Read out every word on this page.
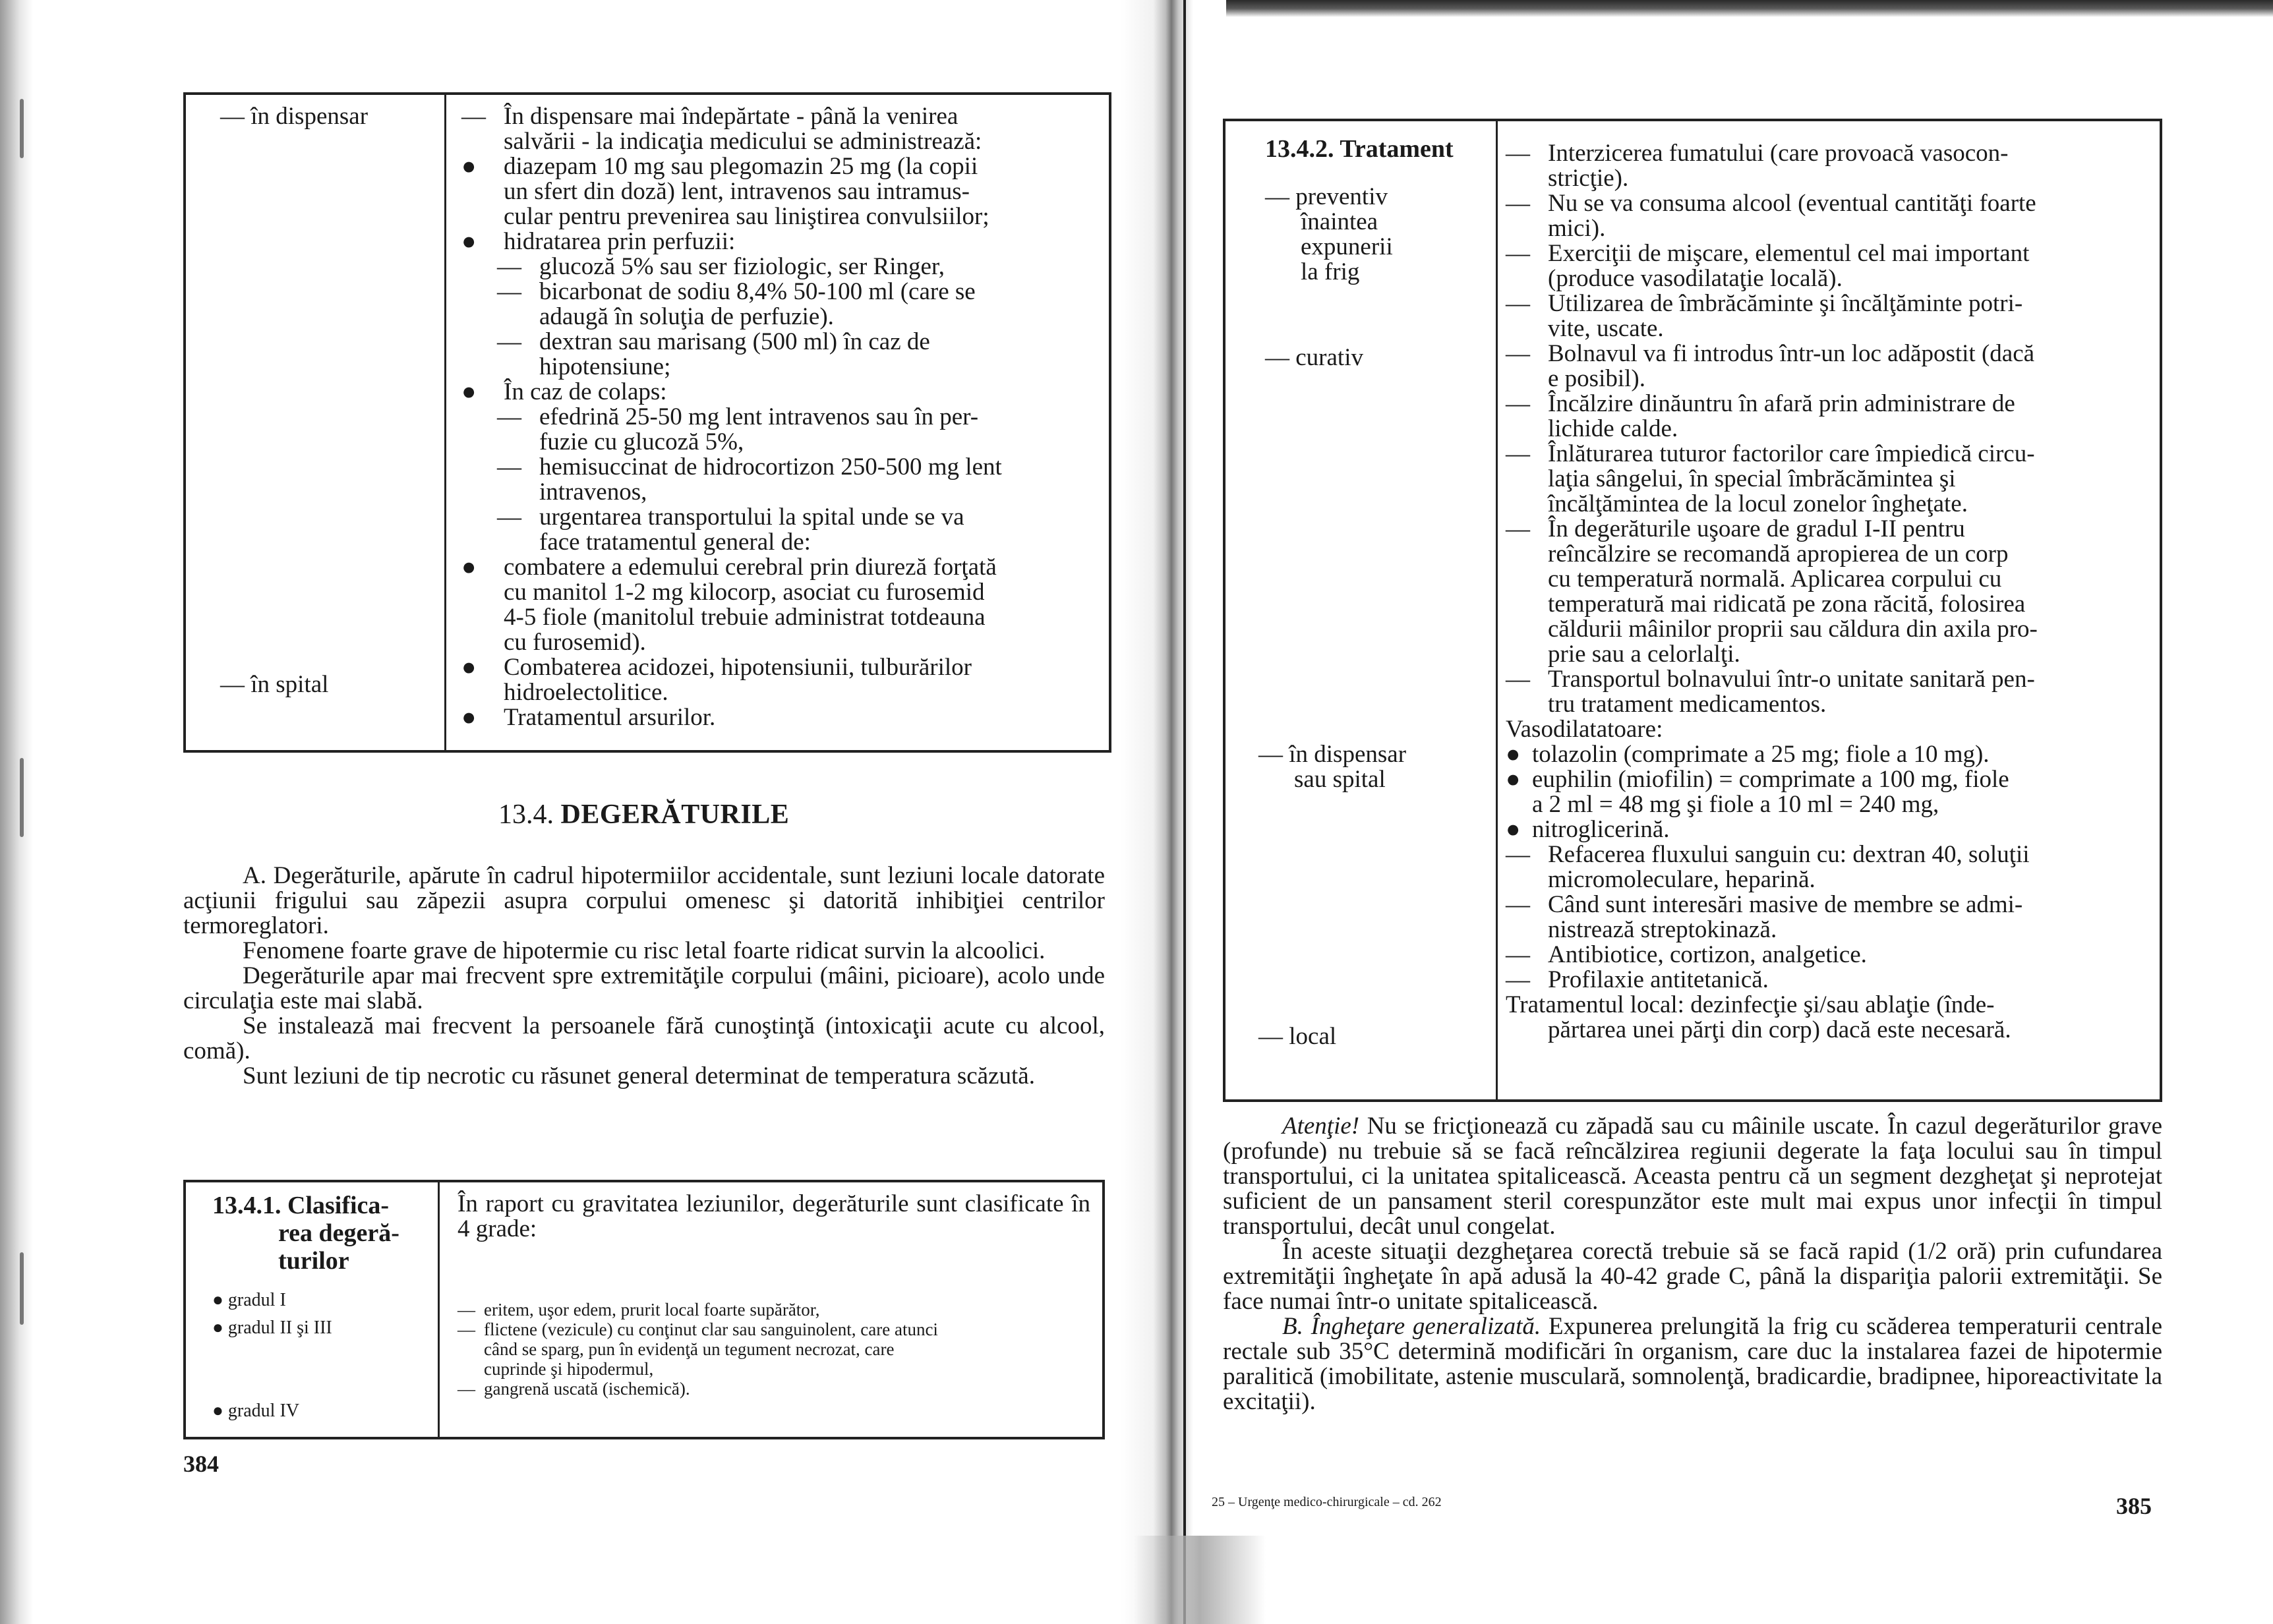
— în dispensar
— în spital
— În dispensare mai îndepărtate - până la venirea
salvării - la indicaţia medicului se administrează:
● diazepam 10 mg sau plegomazin 25 mg (la copii
un sfert din doză) lent, intravenos sau intramus-
cular pentru prevenirea sau liniştirea convulsiilor;
● hidratarea prin perfuzii:
— glucoză 5% sau ser fiziologic, ser Ringer,
— bicarbonat de sodiu 8,4% 50-100 ml (care se
adaugă în soluţia de perfuzie).
— dextran sau marisang (500 ml) în caz de
hipotensiune;
● În caz de colaps:
— efedrină 25-50 mg lent intravenos sau în per-
fuzie cu glucoză 5%,
— hemisuccinat de hidrocortizon 250-500 mg lent
intravenos,
— urgentarea transportului la spital unde se va
face tratamentul general de:
● combatere a edemului cerebral prin diureză forţată
cu manitol 1-2 mg kilocorp, asociat cu furosemid
4-5 fiole (manitolul trebuie administrat totdeauna
cu furosemid).
● Combaterea acidozei, hipotensiunii, tulburărilor
hidroelectolitice.
● Tratamentul arsurilor.
13.4. DEGERĂTURILE

A. Degerăturile, apărute în cadrul hipotermiilor accidentale, sunt leziuni locale datorate acţiunii frigului sau zăpezii asupra corpului omenesc şi datorită inhibiţiei centrilor termoreglatori.

Fenomene foarte grave de hipotermie cu risc letal foarte ridicat survin la alcoolici.

Degerăturile apar mai frecvent spre extremităţile corpului (mâini, picioare), acolo unde circulaţia este mai slabă.

Se instalează mai frecvent la persoanele fără cunoştinţă (intoxicaţii acute cu alcool, comă).

Sunt leziuni de tip necrotic cu răsunet general determinat de temperatura scăzută.

13.4.1. Clasifica-
rea degeră-
turilor
● gradul I
● gradul II şi III
● gradul IV
În raport cu gravitatea leziunilor, degerăturile sunt clasificate în 4 grade:
— eritem, uşor edem, prurit local foarte supărător,
— flictene (vezicule) cu conţinut clar sau sanguinolent, care atunci
când se sparg, pun în evidenţă un tegument necrozat, care
cuprinde şi hipodermul,
— gangrenă uscată (ischemică).
384
13.4.2. Tratament
— preventiv
înaintea
expunerii
la frig
— curativ
— în dispensar
sau spital
— local
— Interzicerea fumatului (care provoacă vasocon-
stricţie).
— Nu se va consuma alcool (eventual cantităţi foarte
mici).
— Exerciţii de mişcare, elementul cel mai important
(produce vasodilataţie locală).
— Utilizarea de îmbrăcăminte şi încălţăminte potri-
vite, uscate.
— Bolnavul va fi introdus într-un loc adăpostit (dacă
e posibil).
— Încălzire dinăuntru în afară prin administrare de
lichide calde.
— Înlăturarea tuturor factorilor care împiedică circu-
laţia sângelui, în special îmbrăcămintea şi
încălţămintea de la locul zonelor îngheţate.
— În degerăturile uşoare de gradul I-II pentru
reîncălzire se recomandă apropierea de un corp
cu temperatură normală. Aplicarea corpului cu
temperatură mai ridicată pe zona răcită, folosirea
căldurii mâinilor proprii sau căldura din axila pro-
prie sau a celorlalţi.
— Transportul bolnavului într-o unitate sanitară pen-
tru tratament medicamentos.
Vasodilatatoare:
● tolazolin (comprimate a 25 mg; fiole a 10 mg).
● euphilin (miofilin) = comprimate a 100 mg, fiole
a 2 ml = 48 mg şi fiole a 10 ml = 240 mg,
● nitroglicerină.
— Refacerea fluxului sanguin cu: dextran 40, soluţii
micromoleculare, heparină.
— Când sunt interesări masive de membre se admi-
nistrează streptokinază.
— Antibiotice, cortizon, analgetice.
— Profilaxie antitetanică.
Tratamentul local: dezinfecţie şi/sau ablaţie (înde-
părtarea unei părţi din corp) dacă este necesară.

Atenţie! Nu se fricţionează cu zăpadă sau cu mâinile uscate. În cazul degerăturilor grave (profunde) nu trebuie să se facă reîncălzirea regiunii degerate la faţa locului sau în timpul transportului, ci la unitatea spitalicească. Aceasta pentru că un segment dezgheţat şi neprotejat suficient de un pansament steril corespunzător este mult mai expus unor infecţii în timpul transportului, decât unul congelat.

În aceste situaţii dezgheţarea corectă trebuie să se facă rapid (1/2 oră) prin cufundarea extremităţii îngheţate în apă adusă la 40-42 grade C, până la dispariţia palorii extremităţii. Se face numai într-o unitate spitalicească.

B. Îngheţare generalizată. Expunerea prelungită la frig cu scăderea temperaturii centrale rectale sub 35°C determină modificări în organism, care duc la instalarea fazei de hipotermie paralitică (imobilitate, astenie musculară, somnolenţă, bradicardie, bradipnee, hiporeactivitate la excitaţii).

25 – Urgenţe medico-chirurgicale – cd. 262	385
